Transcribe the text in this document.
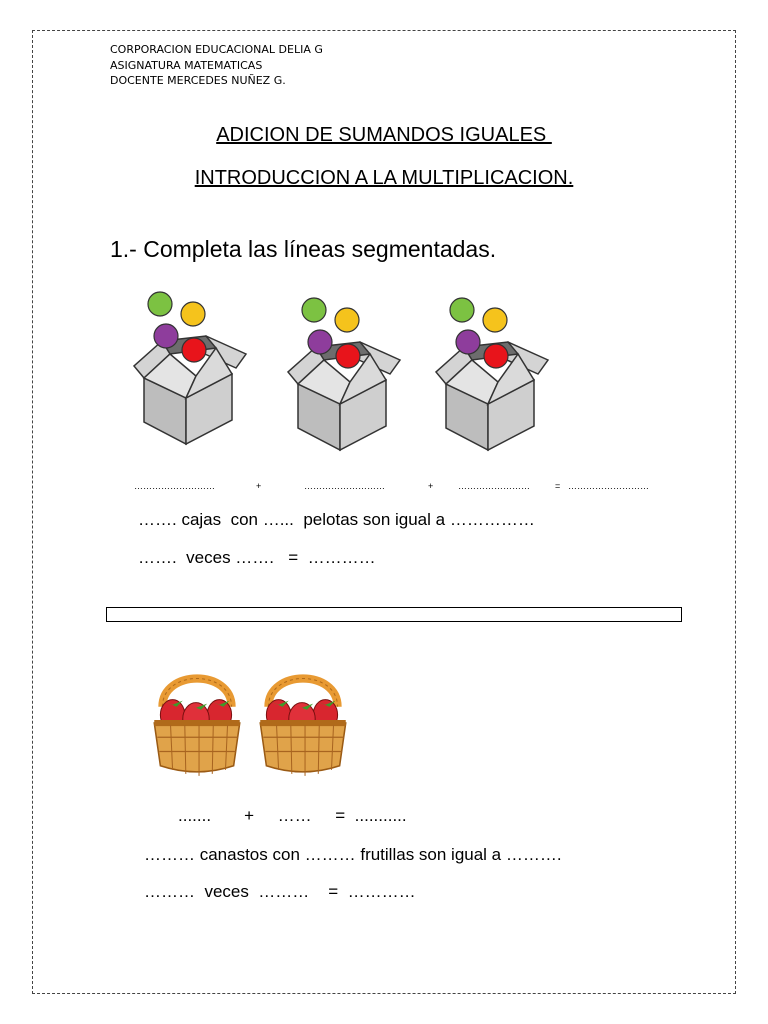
CORPORACION EDUCACIONAL DELIA G
ASIGNATURA MATEMATICAS
DOCENTE MERCEDES NUÑEZ G.
ADICION DE SUMANDOS IGUALES
INTRODUCCION A LA MULTIPLICACION.
1.- Completa las líneas segmentadas.
………………………	+	………………………	+	……………………	= ………………………
……. cajas  con …...  pelotas son igual a ……………
…….  veces …….   =  …………
.......       +     ……     =  ...........
……… canastos con ……… frutillas son igual a ……….
………  veces  ………    =  …………
